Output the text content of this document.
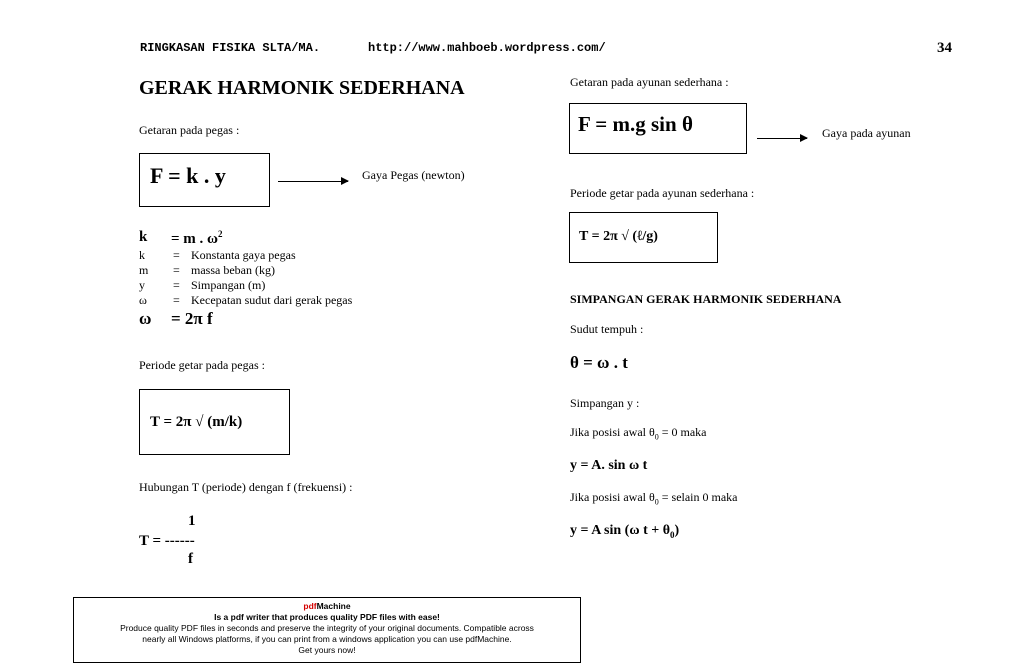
RINGKASAN FISIKA SLTA/MA.	http://www.mahboeb.wordpress.com/	34
GERAK HARMONIK SEDERHANA
Getaran pada pegas :
F = k . y	Gaya Pegas (newton)
k = m . $\omega^2$
k = Konstanta gaya pegas
m = massa beban (kg)
y = Simpangan (m)
ω = Kecepatan sudut dari gerak pegas
ω = 2π f
Periode getar pada pegas :
T = 2π √ (m/k)
Hubungan T (periode) dengan f (frekuensi) :
1
T = ------
f
Getaran pada ayunan sederhana :
F = m.g sin θ	Gaya pada ayunan
Periode getar pada ayunan sederhana :
T = 2π √ (ℓ/g)
SIMPANGAN GERAK HARMONIK SEDERHANA
Sudut tempuh :
θ = ω . t
Simpangan y :
Jika posisi awal $\theta_0 = 0$ maka
y = A. sin ω t
Jika posisi awal $\theta_0$ = selain 0 maka
y = A sin (ω $t + \theta_0$)
pdfMachine
Is a pdf writer that produces quality PDF files with ease!
Produce quality PDF files in seconds and preserve the integrity of your original documents. Compatible across
nearly all Windows platforms, if you can print from a windows application you can use pdfMachine.
Get yours now!
